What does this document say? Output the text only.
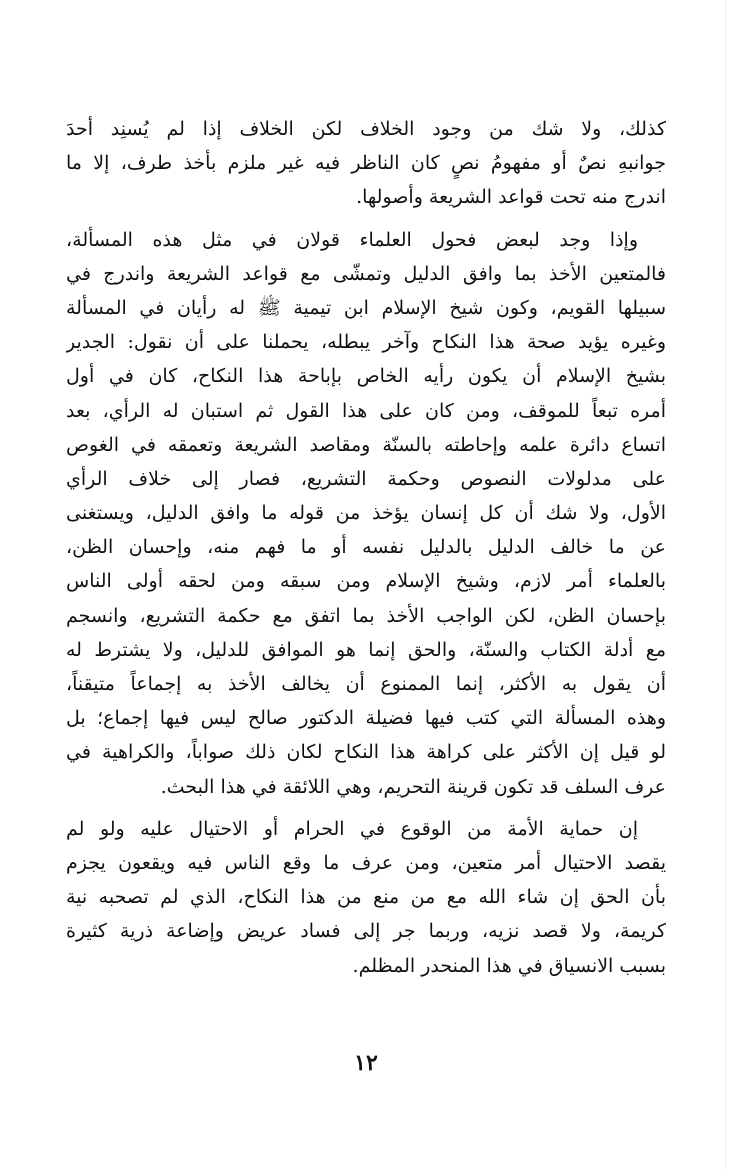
كذلك، ولا شك من وجود الخلاف لكن الخلاف إذا لم يُسنِد أحدَ
جوانبهِ نصٌ أو مفهومُ نصٍ كان الناظر فيه غير ملزم بأخذ طرف، إلا ما
اندرج منه تحت قواعد الشريعة وأصولها.
وإذا وجد لبعض فحول العلماء قولان في مثل هذه المسألة،
فالمتعين الأخذ بما وافق الدليل وتمشّى مع قواعد الشريعة واندرج في
سبيلها القويم، وكون شيخ الإسلام ابن تيمية ﷺ له رأيان في المسألة
وغيره يؤيد صحة هذا النكاح وآخر يبطله، يحملنا على أن نقول: الجدير
بشيخ الإسلام أن يكون رأيه الخاص بإباحة هذا النكاح، كان في أول
أمره تبعاً للموقف، ومن كان على هذا القول ثم استبان له الرأي، بعد
اتساع دائرة علمه وإحاطته بالسنّة ومقاصد الشريعة وتعمقه في الغوص
على مدلولات النصوص وحكمة التشريع، فصار إلى خلاف الرأي
الأول، ولا شك أن كل إنسان يؤخذ من قوله ما وافق الدليل، ويستغنى
عن ما خالف الدليل بالدليل نفسه أو ما فهم منه، وإحسان الظن،
بالعلماء أمر لازم، وشيخ الإسلام ومن سبقه ومن لحقه أولى الناس
بإحسان الظن، لكن الواجب الأخذ بما اتفق مع حكمة التشريع، وانسجم
مع أدلة الكتاب والسنّة، والحق إنما هو الموافق للدليل، ولا يشترط له
أن يقول به الأكثر، إنما الممنوع أن يخالف الأخذ به إجماعاً متيقناً،
وهذه المسألة التي كتب فيها فضيلة الدكتور صالح ليس فيها إجماع؛ بل
لو قيل إن الأكثر على كراهة هذا النكاح لكان ذلك صواباً، والكراهية في
عرف السلف قد تكون قرينة التحريم، وهي اللائقة في هذا البحث.
إن حماية الأمة من الوقوع في الحرام أو الاحتيال عليه ولو لم
يقصد الاحتيال أمر متعين، ومن عرف ما وقع الناس فيه ويقعون يجزم
بأن الحق إن شاء الله مع من منع من هذا النكاح، الذي لم تصحبه نية
كريمة، ولا قصد نزيه، وربما جر إلى فساد عريض وإضاعة ذرية كثيرة
بسبب الانسياق في هذا المنحدر المظلم.
١٢
